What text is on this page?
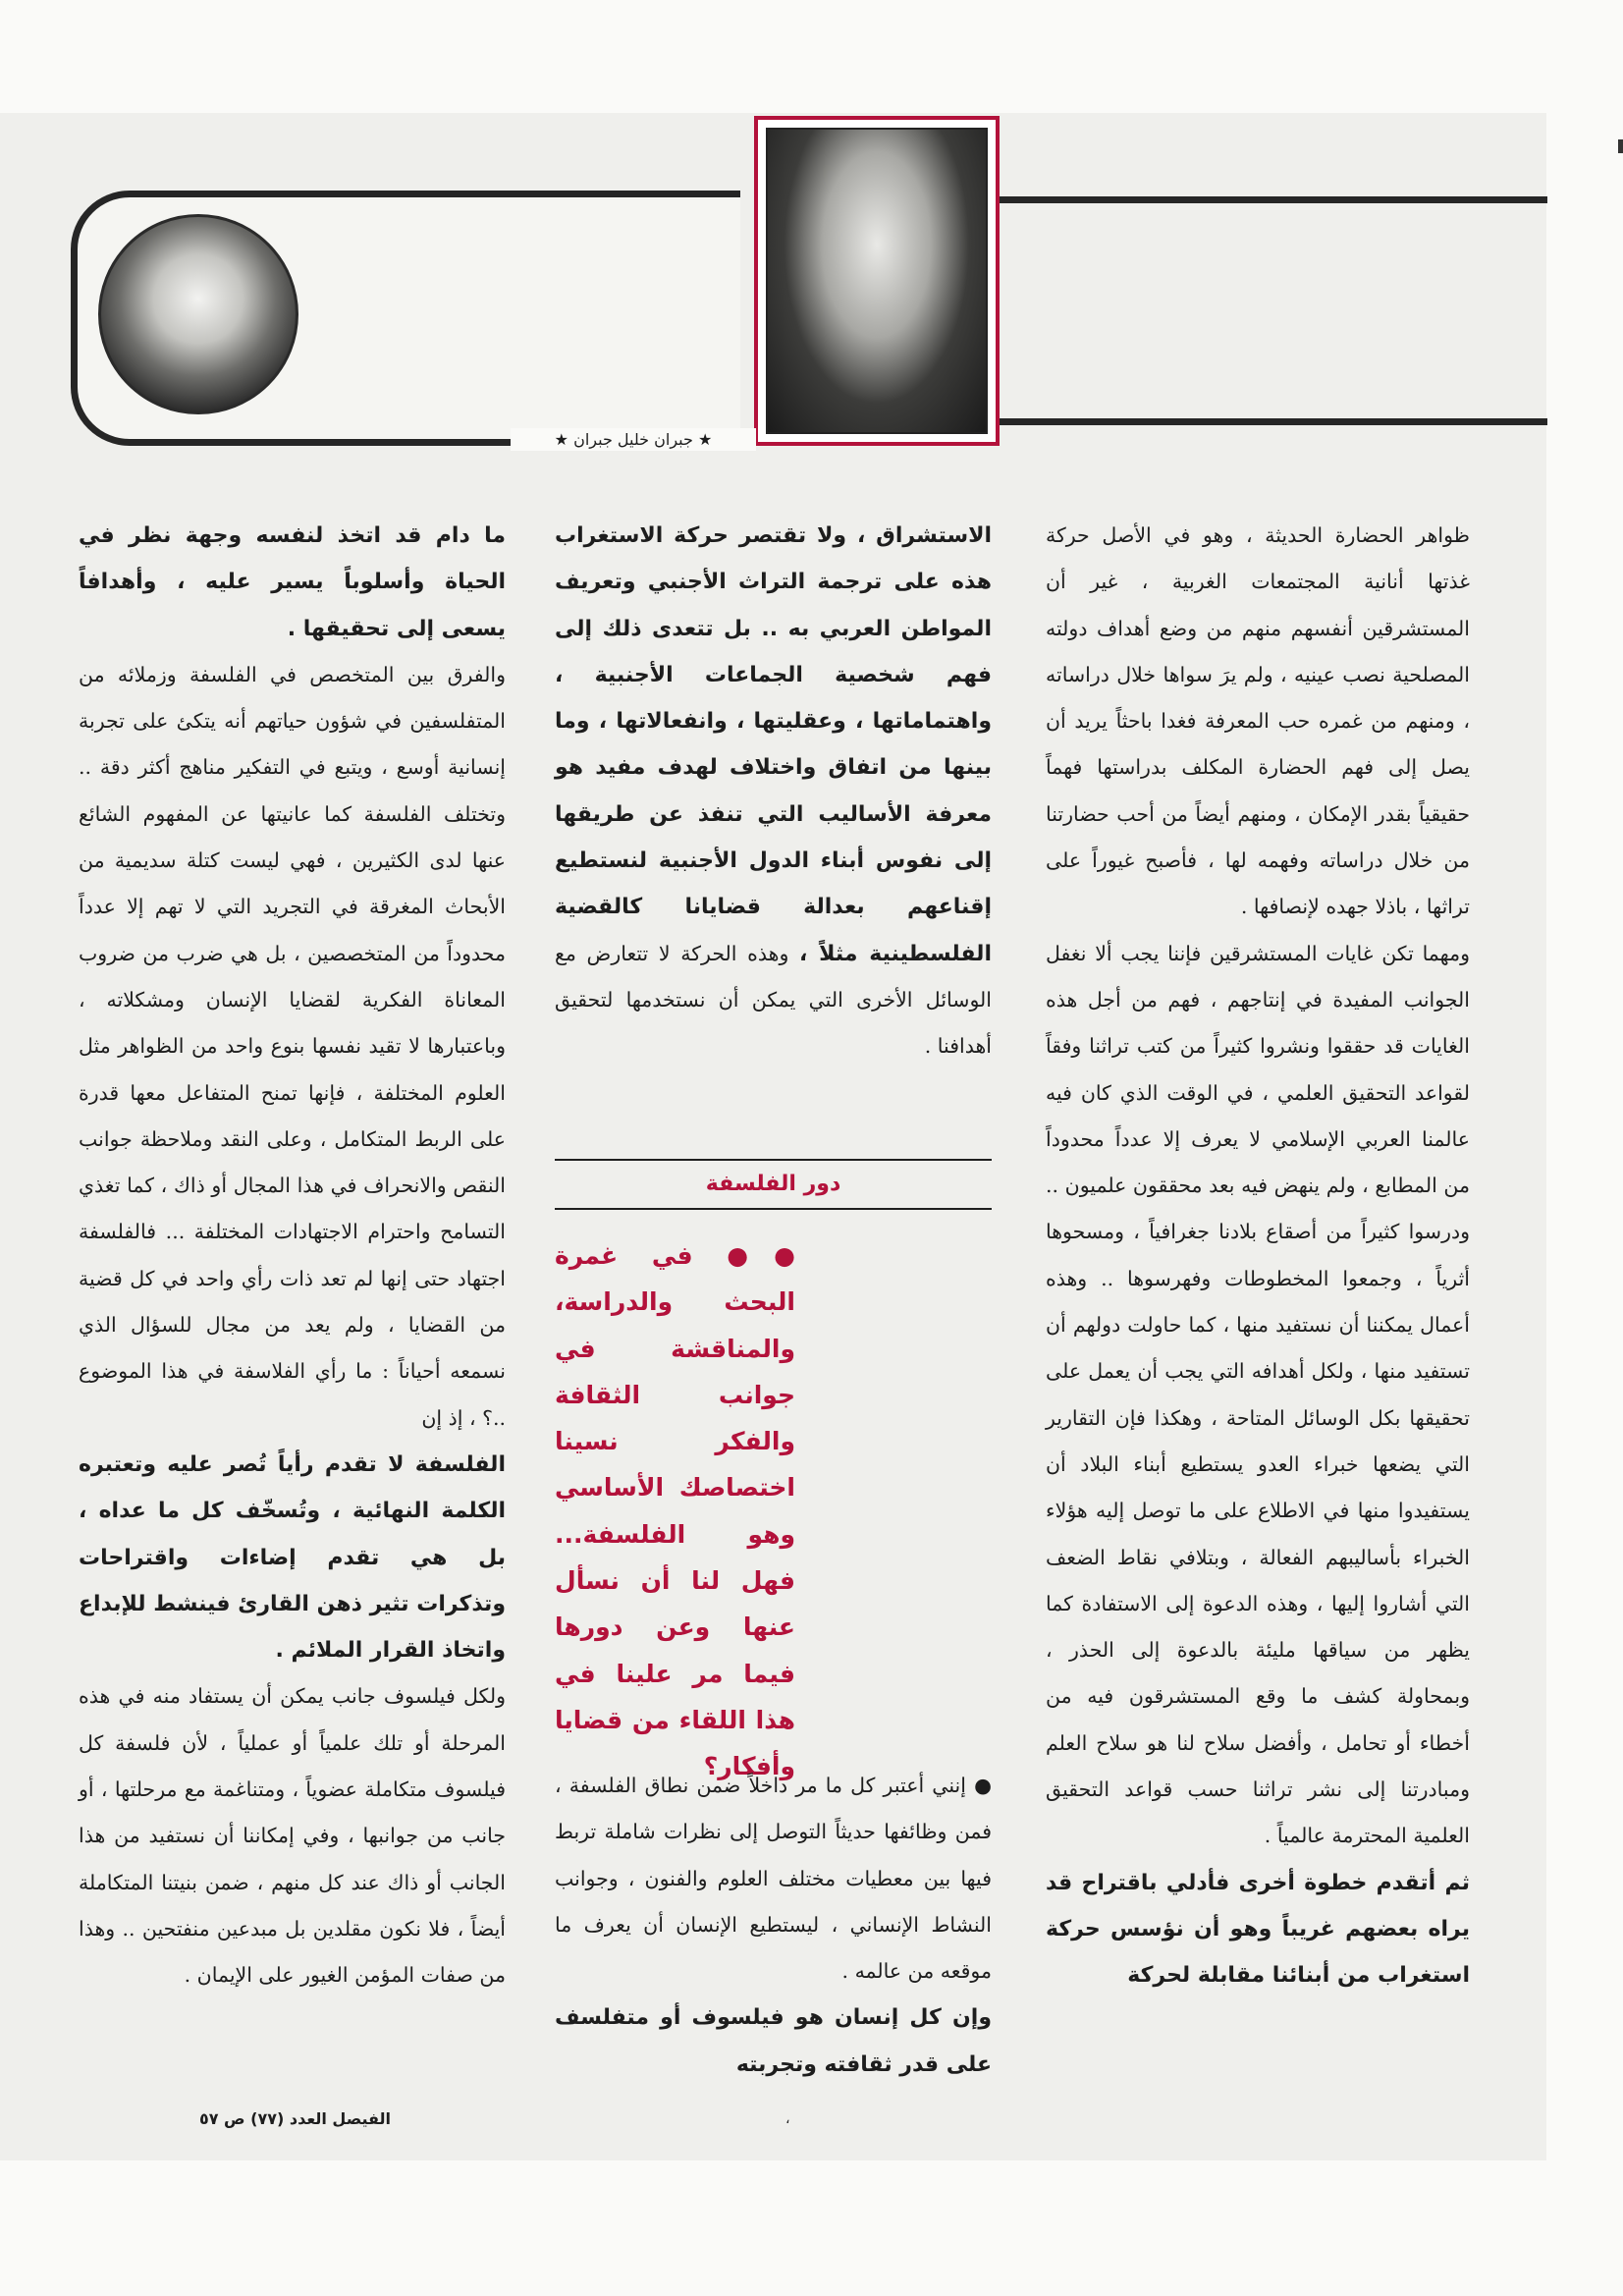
★ جبران خليل جبران ★

ظواهر الحضارة الحديثة ، وهو في الأصل حركة غذتها أنانية المجتمعات الغربية ، غير أن المستشرقين أنفسهم منهم من وضع أهداف دولته المصلحية نصب عينيه ، ولم يرَ سواها خلال دراساته ، ومنهم من غمره حب المعرفة فغدا باحثاً يريد أن يصل إلى فهم الحضارة المكلف بدراستها فهماً حقيقياً بقدر الإمكان ، ومنهم أيضاً من أحب حضارتنا من خلال دراساته وفهمه لها ، فأصبح غيوراً على تراثها ، باذلا جهده لإنصافها .

ومهما تكن غايات المستشرقين فإننا يجب ألا نغفل الجوانب المفيدة في إنتاجهم ، فهم من أجل هذه الغايات قد حققوا ونشروا كثيراً من كتب تراثنا وفقاً لقواعد التحقيق العلمي ، في الوقت الذي كان فيه عالمنا العربي الإسلامي لا يعرف إلا عدداً محدوداً من المطابع ، ولم ينهض فيه بعد محققون علميون .. ودرسوا كثيراً من أصقاع بلادنا جغرافياً ، ومسحوها أثرياً ، وجمعوا المخطوطات وفهرسوها .. وهذه أعمال يمكننا أن نستفيد منها ، كما حاولت دولهم أن تستفيد منها ، ولكل أهدافه التي يجب أن يعمل على تحقيقها بكل الوسائل المتاحة ، وهكذا فإن التقارير التي يضعها خبراء العدو يستطيع أبناء البلاد أن يستفيدوا منها في الاطلاع على ما توصل إليه هؤلاء الخبراء بأساليبهم الفعالة ، وبتلافي نقاط الضعف التي أشاروا إليها ، وهذه الدعوة إلى الاستفادة كما يظهر من سياقها مليئة بالدعوة إلى الحذر ، وبمحاولة كشف ما وقع المستشرقون فيه من أخطاء أو تحامل ، وأفضل سلاح لنا هو سلاح العلم ومبادرتنا إلى نشر تراثنا حسب قواعد التحقيق العلمية المحترمة عالمياً .

ثم أتقدم خطوة أخرى فأدلي باقتراح قد يراه بعضهم غريباً وهو أن نؤسس حركة استغراب من أبنائنا مقابلة لحركة

الاستشراق ، ولا تقتصر حركة الاستغراب هذه على ترجمة التراث الأجنبي وتعريف المواطن العربي به .. بل تتعدى ذلك إلى فهم شخصية الجماعات الأجنبية ، واهتماماتها ، وعقليتها ، وانفعالاتها ، وما بينها من اتفاق واختلاف لهدف مفيد هو معرفة الأساليب التي تنفذ عن طريقها إلى نفوس أبناء الدول الأجنبية لنستطيع إقناعهم بعدالة قضايانا كالقضية الفلسطينية مثلاً ، وهذه الحركة لا تتعارض مع الوسائل الأخرى التي يمكن أن نستخدمها لتحقيق أهدافنا .

دور الفلسفة
●● في غمرة البحث والدراسة، والمناقشة في جوانب الثقافة والفكر نسينا اختصاصك الأساسي وهو الفلسفة... فهل لنا أن نسأل عنها وعن دورها فيما مر علينا في هذا اللقاء من قضايا وأفكار؟

● إنني أعتبر كل ما مر داخلاً ضمن نطاق الفلسفة ، فمن وظائفها حديثاً التوصل إلى نظرات شاملة تربط فيها بين معطيات مختلف العلوم والفنون ، وجوانب النشاط الإنساني ، ليستطيع الإنسان أن يعرف ما موقعه من عالمه .

وإن كل إنسان هو فيلسوف أو متفلسف على قدر ثقافته وتجربته

ما دام قد اتخذ لنفسه وجهة نظر في الحياة وأسلوباً يسير عليه ، وأهدافاً يسعى إلى تحقيقها .

والفرق بين المتخصص في الفلسفة وزملائه من المتفلسفين في شؤون حياتهم أنه يتكئ على تجربة إنسانية أوسع ، ويتبع في التفكير مناهج أكثر دقة .. وتختلف الفلسفة كما عانيتها عن المفهوم الشائع عنها لدى الكثيرين ، فهي ليست كتلة سديمية من الأبحاث المغرقة في التجريد التي لا تهم إلا عدداً محدوداً من المتخصصين ، بل هي ضرب من ضروب المعاناة الفكرية لقضايا الإنسان ومشكلاته ، وباعتبارها لا تقيد نفسها بنوع واحد من الظواهر مثل العلوم المختلفة ، فإنها تمنح المتفاعل معها قدرة على الربط المتكامل ، وعلى النقد وملاحظة جوانب النقص والانحراف في هذا المجال أو ذاك ، كما تغذي التسامح واحترام الاجتهادات المختلفة ... فالفلسفة اجتهاد حتى إنها لم تعد ذات رأي واحد في كل قضية من القضايا ، ولم يعد من مجال للسؤال الذي نسمعه أحياناً : ما رأي الفلاسفة في هذا الموضوع ..؟ ، إذ إن

الفلسفة لا تقدم رأياً تُصر عليه وتعتبره الكلمة النهائية ، وتُسخّف كل ما عداه ، بل هي تقدم إضاءات واقتراحات وتذكرات تثير ذهن القارئ فينشط للإبداع واتخاذ القرار الملائم .

ولكل فيلسوف جانب يمكن أن يستفاد منه في هذه المرحلة أو تلك علمياً أو عملياً ، لأن فلسفة كل فيلسوف متكاملة عضوياً ، ومتناغمة مع مرحلتها ، أو جانب من جوانبها ، وفي إمكاننا أن نستفيد من هذا الجانب أو ذاك عند كل منهم ، ضمن بنيتنا المتكاملة أيضاً ، فلا نكون مقلدين بل مبدعين منفتحين .. وهذا من صفات المؤمن الغيور على الإيمان .

،
الفيصل العدد (٧٧) ص ٥٧
